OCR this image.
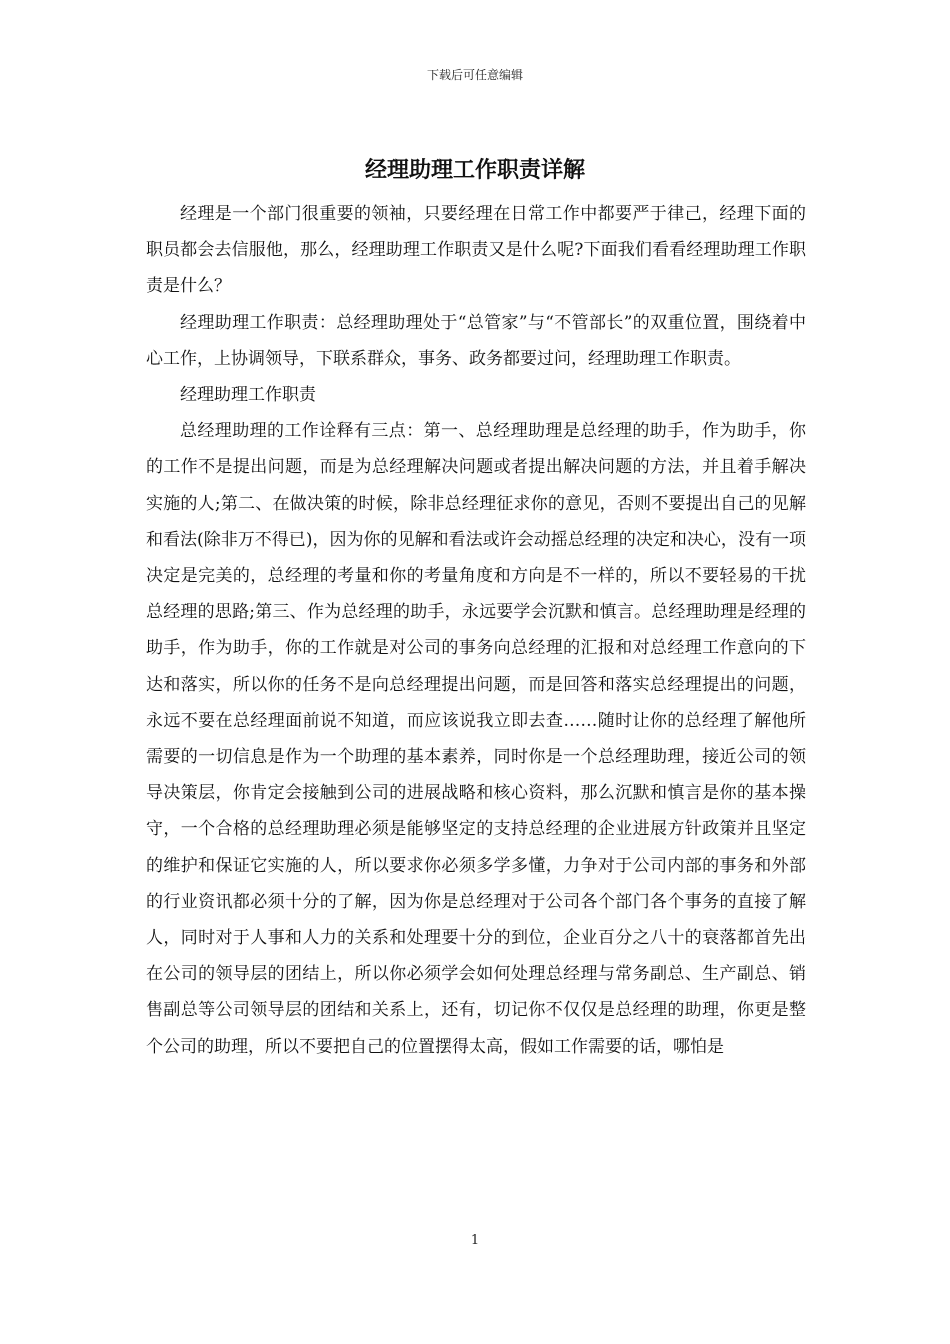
下载后可任意编辑
经理助理工作职责详解

经理是一个部门很重要的领袖，只要经理在日常工作中都要严于律己，经理下面的职员都会去信服他，那么，经理助理工作职责又是什么呢?下面我们看看经理助理工作职责是什么？

经理助理工作职责：总经理助理处于“总管家”与“不管部长”的双重位置，围绕着中心工作，上协调领导，下联系群众，事务、政务都要过问，经理助理工作职责。

经理助理工作职责

总经理助理的工作诠释有三点：第一、总经理助理是总经理的助手，作为助手，你的工作不是提出问题，而是为总经理解决问题或者提出解决问题的方法，并且着手解决实施的人;第二、在做决策的时候，除非总经理征求你的意见，否则不要提出自己的见解和看法(除非万不得已)，因为你的见解和看法或许会动摇总经理的决定和决心，没有一项决定是完美的，总经理的考量和你的考量角度和方向是不一样的，所以不要轻易的干扰总经理的思路;第三、作为总经理的助手，永远要学会沉默和慎言。总经理助理是经理的助手，作为助手，你的工作就是对公司的事务向总经理的汇报和对总经理工作意向的下达和落实，所以你的任务不是向总经理提出问题，而是回答和落实总经理提出的问题，永远不要在总经理面前说不知道，而应该说我立即去查……随时让你的总经理了解他所需要的一切信息是作为一个助理的基本素养，同时你是一个总经理助理，接近公司的领导决策层，你肯定会接触到公司的进展战略和核心资料，那么沉默和慎言是你的基本操守，一个合格的总经理助理必须是能够坚定的支持总经理的企业进展方针政策并且坚定的维护和保证它实施的人，所以要求你必须多学多懂，力争对于公司内部的事务和外部的行业资讯都必须十分的了解，因为你是总经理对于公司各个部门各个事务的直接了解人，同时对于人事和人力的关系和处理要十分的到位，企业百分之八十的衰落都首先出在公司的领导层的团结上，所以你必须学会如何处理总经理与常务副总、生产副总、销售副总等公司领导层的团结和关系上，还有，切记你不仅仅是总经理的助理，你更是整个公司的助理，所以不要把自己的位置摆得太高，假如工作需要的话，哪怕是

1
